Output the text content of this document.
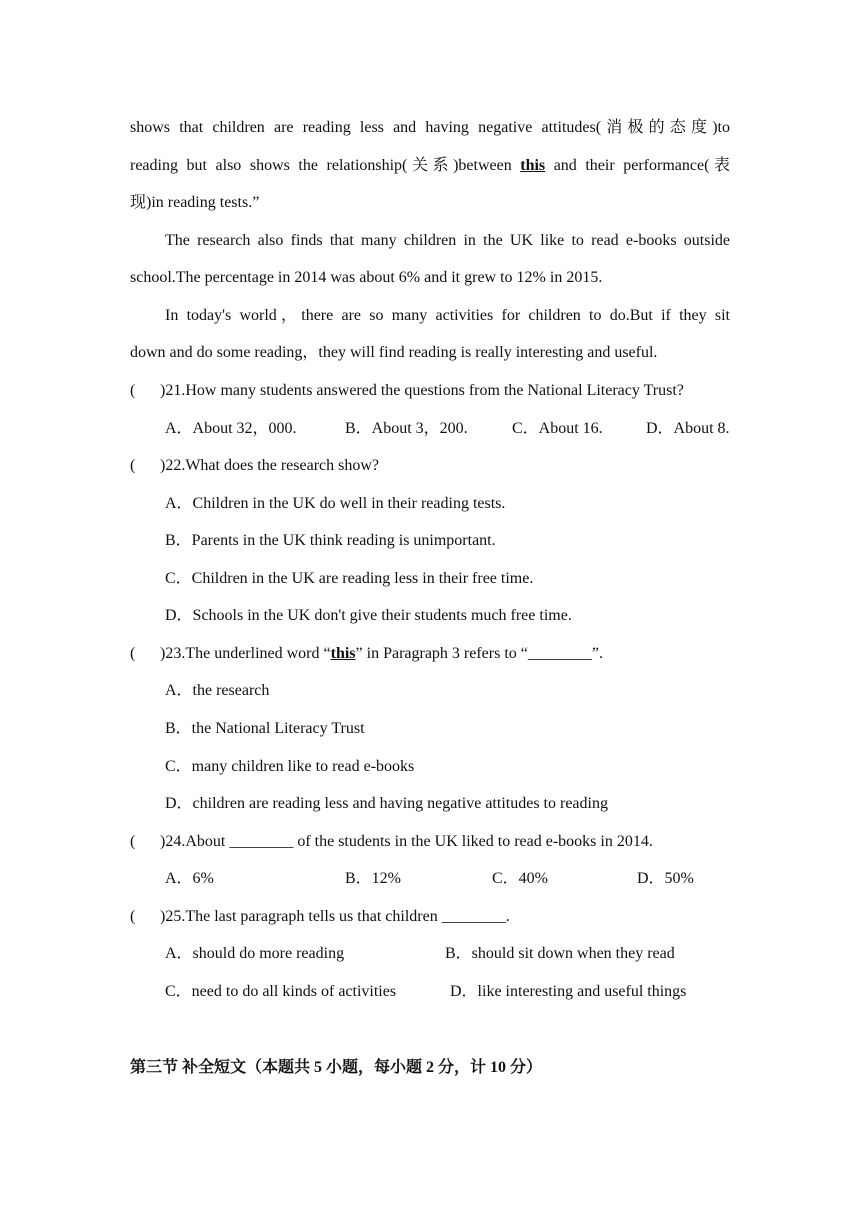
shows that children are reading less and having negative attitudes(消极的态度)to
reading but also shows the relationship(关系)between this and their performance(表
现)in reading tests.”
The research also finds that many children in the UK like to read e-books outside
school.The percentage in 2014 was about 6% and it grew to 12% in 2015.
In today's world，there are so many activities for children to do.But if they sit
down and do some reading，they will find reading is really interesting and useful.
( )21.How many students answered the questions from the National Literacy Trust?
A．About 32，000.	B．About 3，200.	C．About 16.	D．About 8.
( )22.What does the research show?
A．Children in the UK do well in their reading tests.
B．Parents in the UK think reading is unimportant.
C．Children in the UK are reading less in their free time.
D．Schools in the UK don't give their students much free time.
( )23.The underlined word “this” in Paragraph 3 refers to “________”.
A．the research
B．the National Literacy Trust
C．many children like to read e-books
D．children are reading less and having negative attitudes to reading
( )24.About ________ of the students in the UK liked to read e-books in 2014.
A．6%	B．12%	C．40%	D．50%
( )25.The last paragraph tells us that children ________.
A．should do more reading	B．should sit down when they read
C．need to do all kinds of activities	D．like interesting and useful things
第三节 补全短文（本题共 5 小题，每小题 2 分，计 10 分）
